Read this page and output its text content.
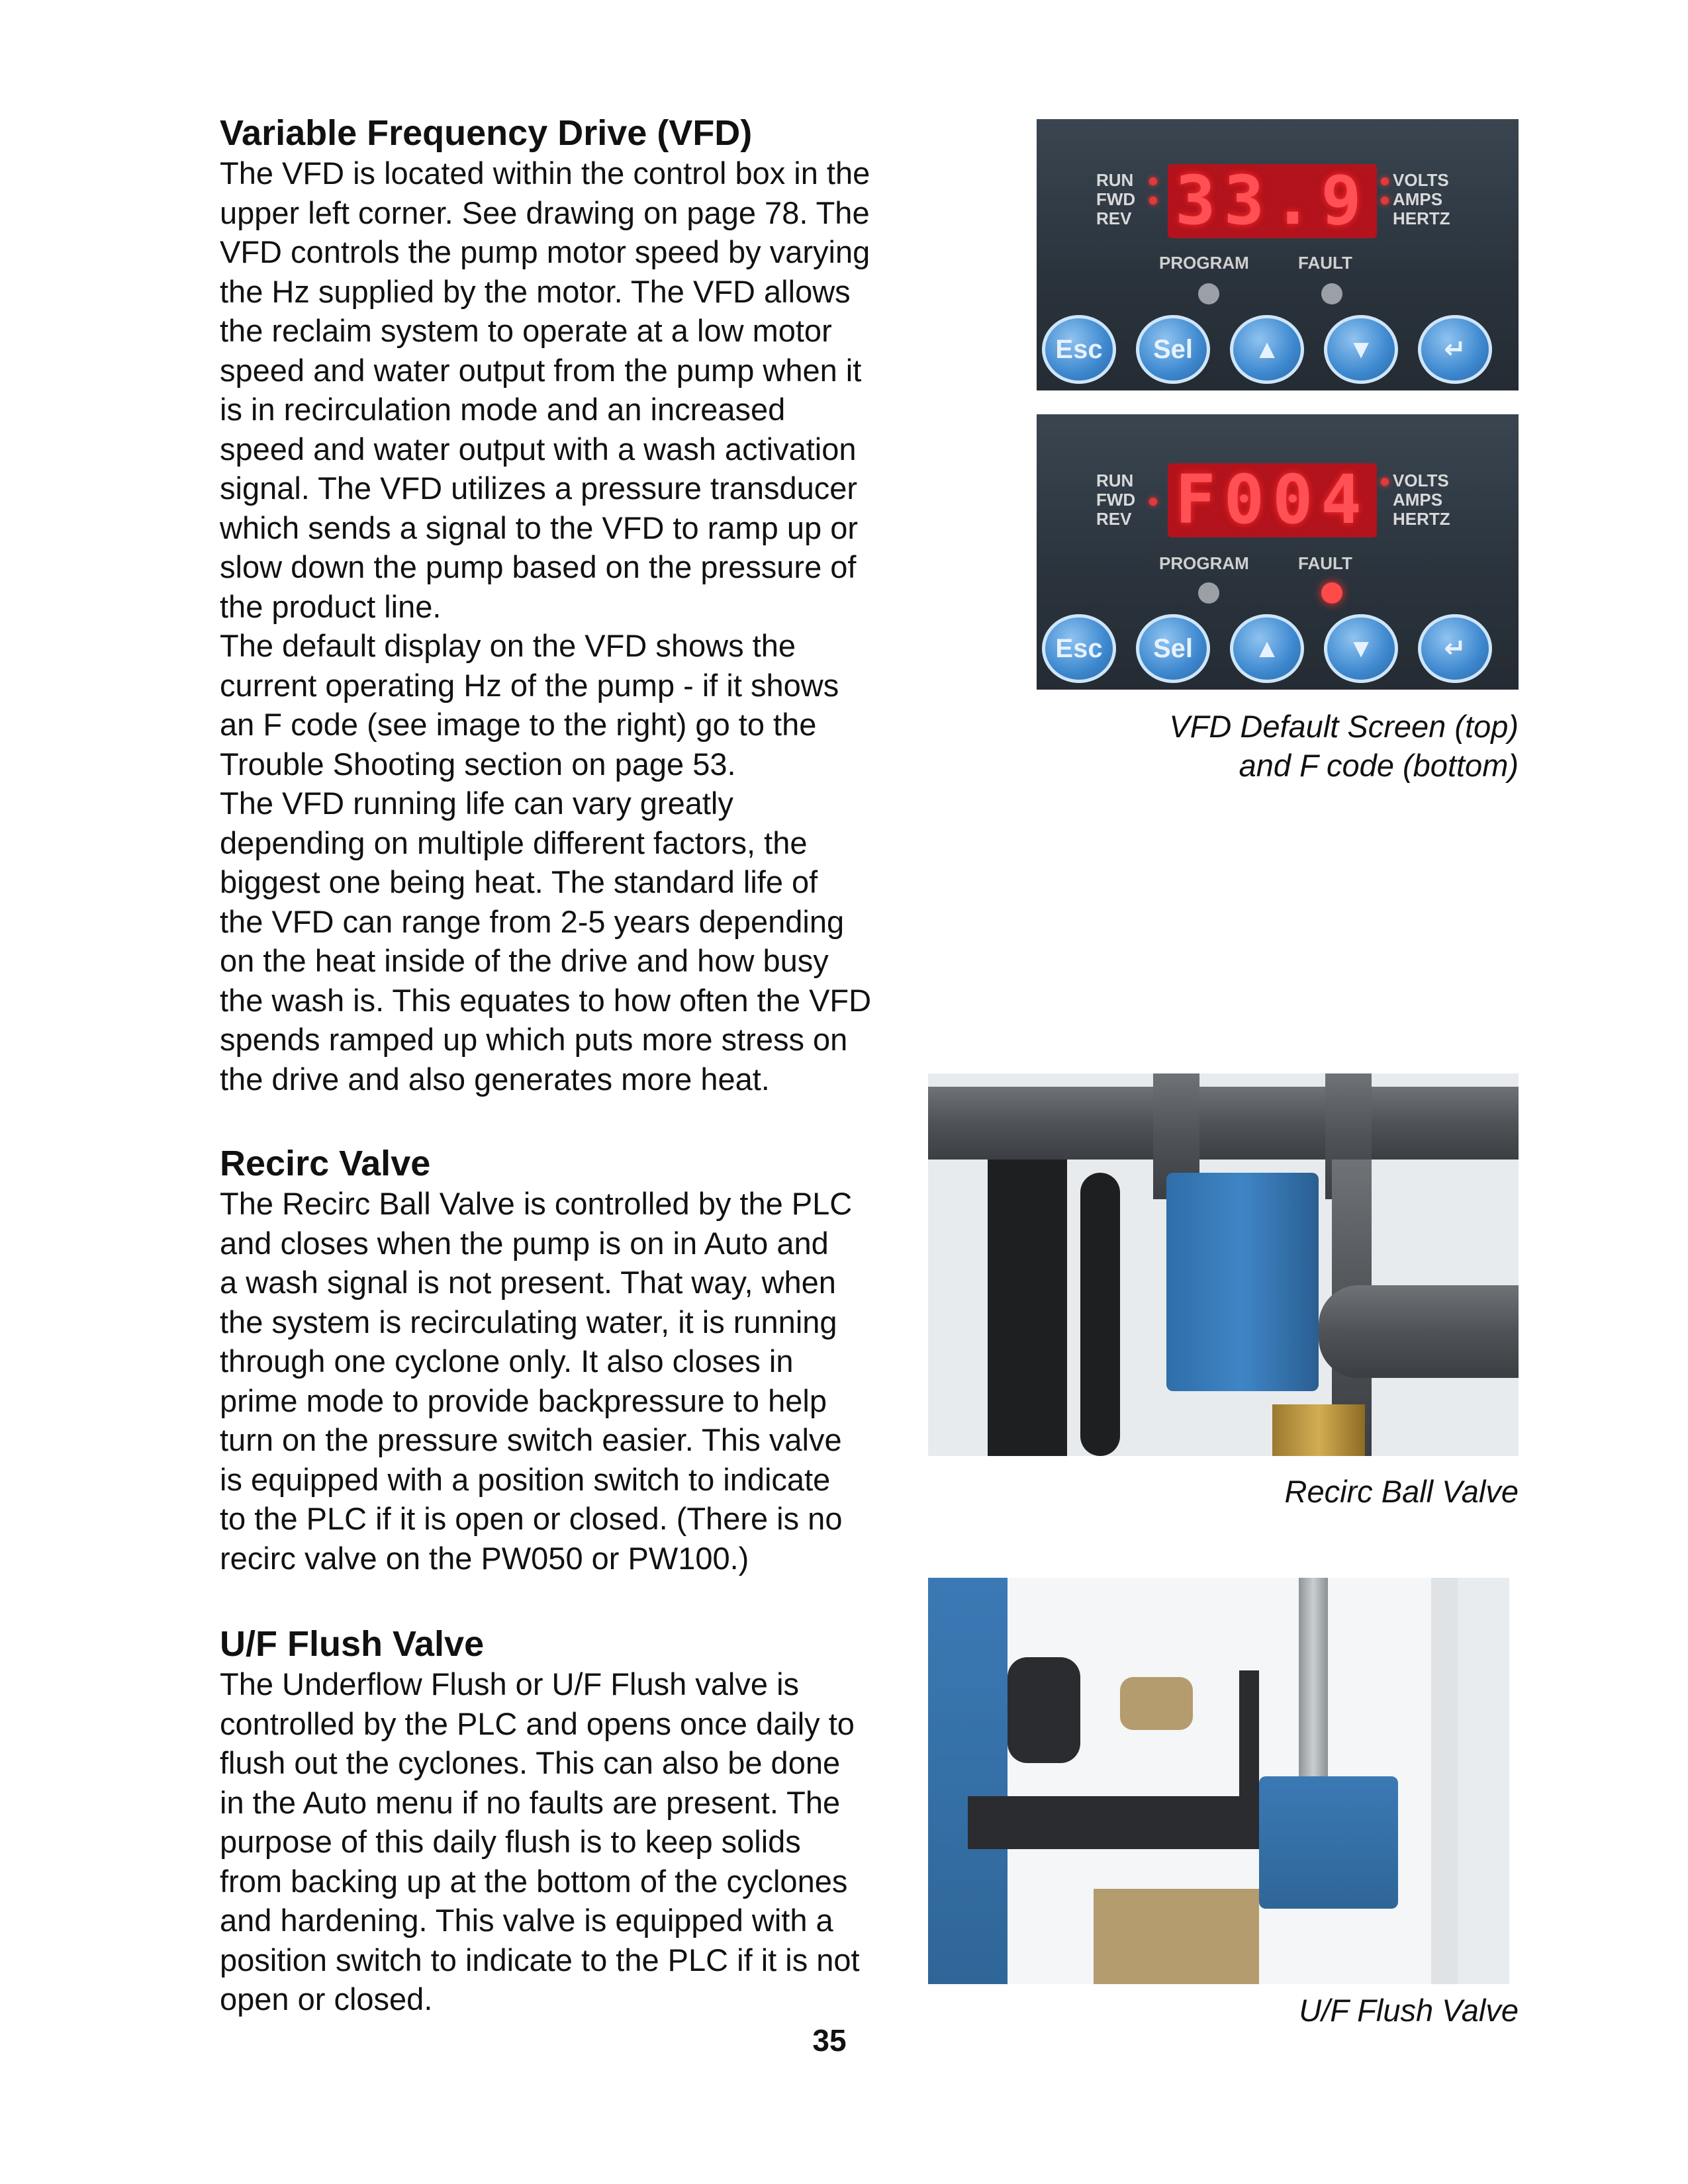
Variable Frequency Drive (VFD)

The VFD is located within the control box in the
upper left corner. See drawing on page 78. The
VFD controls the pump motor speed by varying
the Hz supplied by the motor. The VFD allows
the reclaim system to operate at a low motor
speed and water output from the pump when it
is in recirculation mode and an increased
speed and water output with a wash activation
signal. The VFD utilizes a pressure transducer
which sends a signal to the VFD to ramp up or
slow down the pump based on the pressure of
the product line.

The default display on the VFD shows the
current operating Hz of the pump - if it shows
an F code (see image to the right) go to the
Trouble Shooting section on page 53.

The VFD running life can vary greatly
depending on multiple different factors, the
biggest one being heat. The standard life of
the VFD can range from 2-5 years depending
on the heat inside of the drive and how busy
the wash is. This equates to how often the VFD
spends ramped up which puts more stress on
the drive and also generates more heat.

Recirc Valve

The Recirc Ball Valve is controlled by the PLC
and closes when the pump is on in Auto and
a wash signal is not present. That way, when
the system is recirculating water, it is running
through one cyclone only. It also closes in
prime mode to provide backpressure to help
turn on the pressure switch easier. This valve
is equipped with a position switch to indicate
to the PLC if it is open or closed. (There is no
recirc valve on the PW050 or PW100.)

U/F Flush Valve

The Underflow Flush or U/F Flush valve is
controlled by the PLC and opens once daily to
flush out the cyclones. This can also be done
in the Auto menu if no faults are present. The
purpose of this daily flush is to keep solids
from backing up at the bottom of the cyclones
and hardening. This valve is equipped with a
position switch to indicate to the PLC if it is not
open or closed.

RUN
FWD
REV 33.9	VOLTS
AMPS
HERTZ
PROGRAM	FAULT
Esc	Sel	▲	▼	↵
RUN
FWD
REV F004	VOLTS
AMPS
HERTZ
PROGRAM	FAULT
Esc	Sel	▲	▼	↵
VFD Default Screen (top)
and F code (bottom)
Recirc Ball Valve
U/F Flush Valve
35
